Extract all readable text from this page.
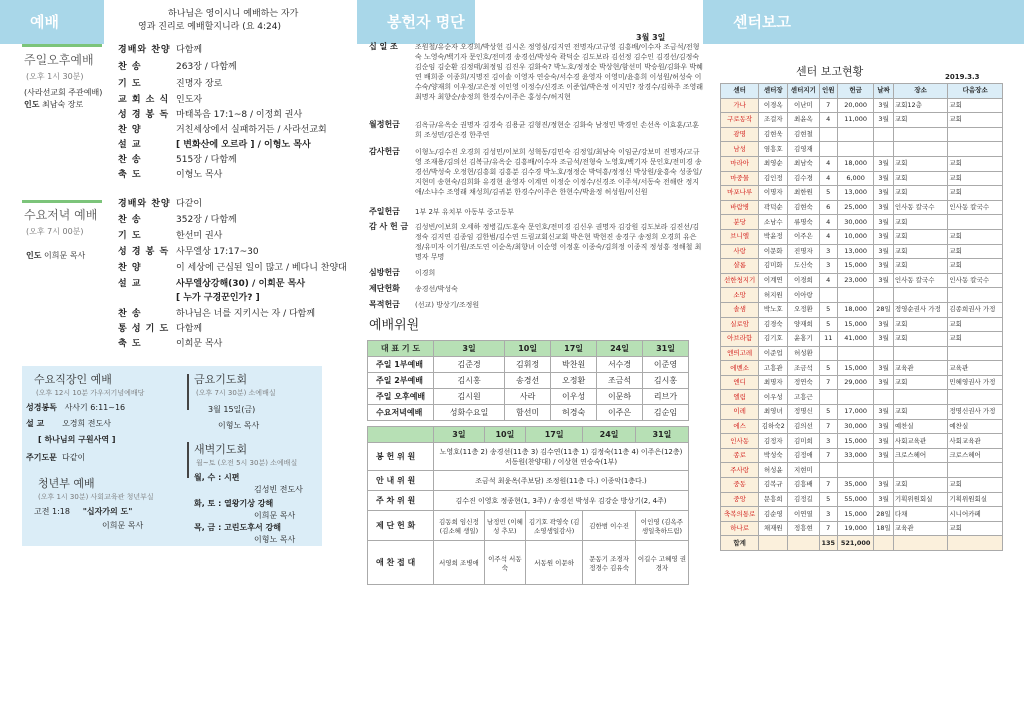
예배	하나님은 영이시니 예배하는 자가
영과 진리로 예배할지니라 (요 4:24)
주일오후예배
(오후 1시 30분)
(사라선교회 주관예배)
인도 최남숙 장로
경배와 찬양 다함께
찬 송	263장 / 다함께
기 도	진명자 장로
교 회 소 식 인도자
성 경 봉 독 마태복음 17:1~8 / 이정희 권사
찬 양	거친세상에서 실패하거든 / 사라선교회
설 교	[ 변화산에 오르라 ] / 이형노 목사
찬 송	515장 / 다함께
축 도	이형노 목사
수요저녁 예배
(오후 7시 00분)
인도 이희문 목사
경배와 찬양 다같이
찬 송	352장 / 다함께
기 도	한선미 권사
성 경 봉 독 사무엘상 17:17~30
찬 양	이 세상에 근심된 일이 많고 / 베다니 찬양대
설 교	사무엘상강해(30) / 이희문 목사
[ 누가 구경꾼인가? ]
찬 송	하나님은 너를 지키시는 자 / 다함께
통 성 기 도 다함께
축 도	이희문 목사
수요직장인 예배
(오후 12시 10분 가우저기념예배당
성경봉독 사사기 6:11~16
설 교 오경희 전도사
[ 하나님의 구원사역 ]
주기도문 다같이
청년부 예배
(오후 1시 30분) 사회교육관 청년부실
고전 1:18 "십자가의 도"
이희문 목사
금요기도회
(오후 7시 30분) 소예배실
3월 15일(금)
이형노 목사
새벽기도회
월~토 (오전 5시 30분) 소예배실
월, 수 : 시편
김성빈 전도사
화, 토 : 열왕기상 강해
이희문 목사
목, 금 : 고린도후서 강해
이형노 목사
봉헌자 명단
3월 3일
십 일 조	조원철/유순자 오경희/박상헌 김시온 정영심/김지연 전명자/고규영 김흥배/이수자 조금석/전형숙 노영숙/백기자 문인호/전미경 송경선/박성숙 곽덕순 김도보라 김선정 김수인 김경선/김정숙 김순임 김순환 김정태/최정임 김진우 김화숙? 박노호/정정순 박상현/함선미 박승원/김화우 박혜연 배희종 이종희/지명진 김이솔 이영자 연승숙/서수경 윤영자 이영미/윤흥희 이성원/허성숙 이수숙/양재희 이우정/고은정 이인영 이정수/신경조 이준업/박은정 이지민? 장경수/김하주 조영래 최명자 최향순/송정희 한경수/이주은 홍성수/허지현
월정헌금	김옥규/유옥순 권명자 김경숙 김용균 김형진/정현순 김화숙 남정민 박경인 손선옥 이효훈/고훈희 조성민/김은경 한주연
감사헌금	이형노/김수진 오경희 김성민/이보희 성혁동/김민숙 김정일/최남숙 이임군/강보미 진명자/고규영 조재용/김의선 김복규/유옥순 김흥배/이수자 조금석/전형숙 노영호/백기자 문인호/전미경 송경선/박성숙 오정현/김흥회 김흥분 김수경 박노호/정정순 박덕흥/정정신 박상원/윤흥숙 성종일/지현미 송현숙/김희화 유경현 윤영자 이계연 이정순 이정수/신경조 이주석/서동숙 전해란 정지애/소냐수 조영래 채성희/김귀분 한경수/이주은 한현수/박윤정 허성원/이신원
주일헌금	1부 2부 유치부 아동부 중고등부
감 사 헌 금 김성빈/이보희 오세하 정병길/도훈숙 문인호/전미경 김신우 권명자 김강원 김도보라 김진선/김정숙 김지연 김종임 김한범/김수연 드림교회신교회 박은현 박현진 송경구 송정희 오경희 유은정/유미자 이기원/조도연 이순옥/최향녀 이순영 이정훈 이종숙/김희정 이종직 정성흥 정해철 최명자 무명
심방헌금	이경희
제단헌화	송경선/박성숙
목적헌금	(선교) 방상기/조정원
예배위원
대 표 기 도	3일	10일	17일	24일	31일
주일 1부예배	김준경	김휘정	박찬원	서수경	이준영
주일 2부예배	김시홍	송경선	오정환	조금석	김시홍
주일 오후예배	김시원	사라	이우성	이문하	리브가
수요저녁예배	성화수요일	함선미	허경숙	이주은	김순임
	3일	10일	17일	24일	31일
봉 헌 위 원	노영호(11층 2) 송경선(11층 3) 김수연(11층 1) 김정숙(11층 4) 이주은(12층) 서동원(찬양대) / 이상현 연승숙(1부)				
안 내 위 원	조금석 최윤옥(주보담) 조정원(11층 다.) 이종악(1층다.)				
주 차 위 원	김수진 이영호 정종현(1, 3주) / 송경선 박성우 김강순 방상기(2, 4주)				
제 단 헌 화	김동희 임신정 (김소혜 생일)	남정민 (이혜성 추모)	김기호 곽영숙 (김소영생일감사)	김한범 이수진	이인영 (김옥주생일축하드림)
애 찬 접 대	서영희 조병애	이주석 서동숙	서동원 이문하	문동기 조경자 정경수 김유숙	이길수 고혜영 권경자
센터보고
센터 보고현황	2019.3.3
센터	센터장	센터지기	인원	헌금	날짜	장소	다음장소
가나	이경옥	이난미	7	20,000	3월	교회12층	교회
구로동작	조걸자	최윤옥	4	11,000	3월	교회	교회
광명	김현욱	김현철					
남성	염흥호	김영재					
마라아	최영순	최남숙	4	18,000	3월	교회	교회
마중물	김인정	김수경	4	6,000	3월	교회	교회
마포나루	이명자	최한원	5	13,000	3월	교회	교회
바람병	곽덕순	김현숙	6	25,000	3월	인사동 칼국수	인사동 칼국수
분당	소남수	류명숙	4	30,000	3월	교회	
브니엘	박윤정	이주은	4	10,000	3월	교회	교회
사랑	이문화	진명자	3	13,000	3월	교회	교회
샬롬	김미화	도신숙	3	15,000	3월	교회	교회
선한청지기	이계연	이경희	4	23,000	3월	인사동 칼국수	인사동 칼국수
소망	허지원	이아랑					
솔샘	박노호	오정환	5	18,000	28일	정영순권사 가정	김종희권사 가정
실로암	김경숙	양재희	5	15,000	3월	교회	교회
아브라함	김기호	윤홍기	11	41,000	3월	교회	교회
엔띄고레	이준업	허성환					
에벤소	고흥관	조금석	5	15,000	3월	교육관	교육관
엔디	최명자	정연숙	7	29,000	3월	교회	민혜영권사 가정
엘림	이우성	고흥근					
이레	최영녀	정명신	5	17,000	3월	교회	정명신권사 가정
에스	김하숙2	김의선	7	30,000	3월	예찬실	예찬실
인사동	김정자	김미희	3	15,000	3월	사회교육관	사회교육관
종로	박성숙	김정애	7	33,000	3월	크로스헤어	크로스헤어
주사랑	허성윤	지현미					
중동	김복규	김흥배	7	35,000	3월	교회	교회
중앙	문흥희	김정길	5	55,000	3월	기획위원회실	기획위원회실
축복의통로	김순영	이연열	3	15,000	28일	다채	시니어카페
하나로	채재원	정흥현	7	19,000	18일	교육관	교회
합계			135	521,000			
